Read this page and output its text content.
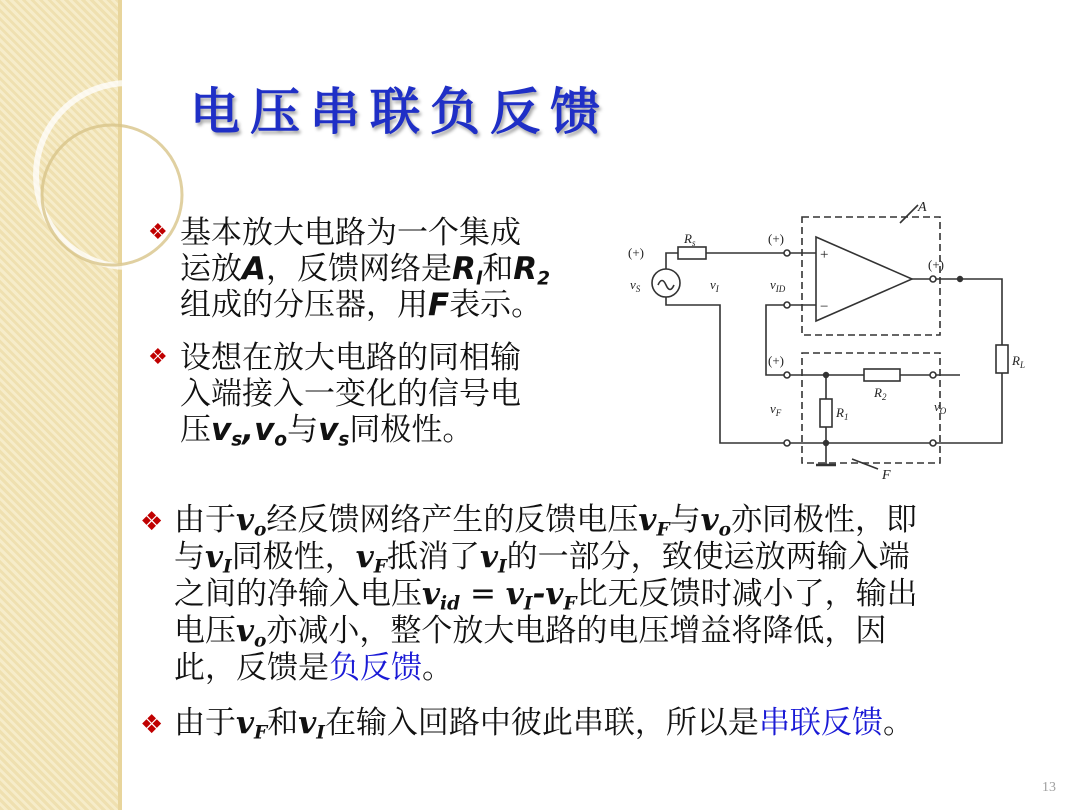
电压串联负反馈
❖ 基本放大电路为一个集成
运放A，反馈网络是$R_l$和$R_2$
组成的分压器，用F表示。
❖ 设想在放大电路的同相输
入端接入一变化的信号电
压$v_s,v_o$与$v_s$同极性。
(+)
(+)
(+)
(+)
+
−
$R_s$
$v_S$	$v_I$	$v_{ID}$
$v_F$	$v_O$
A
F
$R_1$
$R_2$
$R_L$
❖ 由于$v_o$经反馈网络产生的反馈电压$v_F$与$v_o$亦同极性，即
与$v_I$同极性，$v_F$抵消了$v_I$的一部分，致使运放两输入端
之间的净输入电压$v_{id} = v_I-v_F$比无反馈时减小了，输出
电压$v_o$亦减小，整个放大电路的电压增益将降低，因
此，反馈是负反馈。
❖ 由于$v_F$和$v_I$在输入回路中彼此串联，所以是串联反馈。
13
